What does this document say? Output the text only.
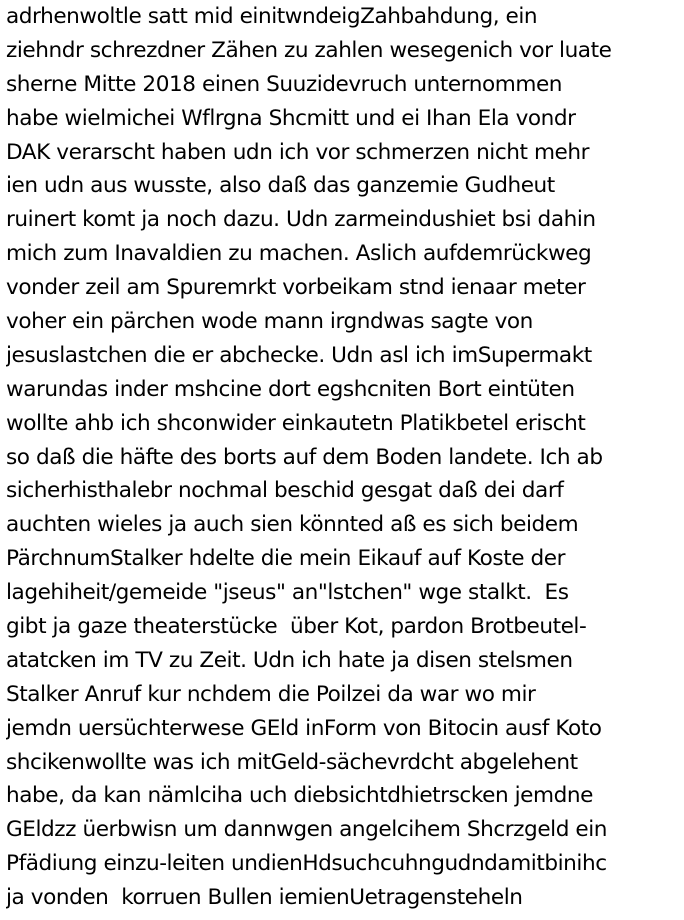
adrhenwoltle satt mid einitwndeigZahbahdung, ein
ziehndr schrezdner Zähen zu zahlen wesegenich vor luate
sherne Mitte 2018 einen Suuzidevruch unternommen
habe wielmichei Wflrgna Shcmitt und ei Ihan Ela vondr
DAK verarscht haben udn ich vor schmerzen nicht mehr
ien udn aus wusste, also daß das ganzemie Gudheut
ruinert komt ja noch dazu. Udn zarmeindushiet bsi dahin
mich zum Inavaldien zu machen. Aslich aufdemrückweg
vonder zeil am Spuremrkt vorbeikam stnd ienaar meter
voher ein pärchen wode mann irgndwas sagte von
jesuslastchen die er abchecke. Udn asl ich imSupermakt
warundas inder mshcine dort egshcniten Bort eintüten
wollte ahb ich shconwider einkautetn Platikbetel erischt
so daß die häfte des borts auf dem Boden landete. Ich ab
sicherhisthalebr nochmal beschid gesgat daß dei darf
auchten wieles ja auch sien könnted aß es sich beidem
PärchnumStalker hdelte die mein Eikauf auf Koste der
lagehiheit/gemeide "jseus" an"lstchen" wge stalkt.  Es
gibt ja gaze theaterstücke  über Kot, pardon Brotbeutel-
atatcken im TV zu Zeit. Udn ich hate ja disen stelsmen
Stalker Anruf kur nchdem die Poilzei da war wo mir
jemdn uersüchterwese GEld inForm von Bitocin ausf Koto
shcikenwollte was ich mitGeld-sächevrdcht abgelehent
habe, da kan nämlciha uch diebsichtdhietrscken jemdne
GEldzz üerbwisn um dannwgen angelcihem Shcrzgeld ein
Pfädiung einzu-leiten undienHdsuchcuhngudndamitbinihc
ja vonden  korruen Bullen iemienUetragensteheln
